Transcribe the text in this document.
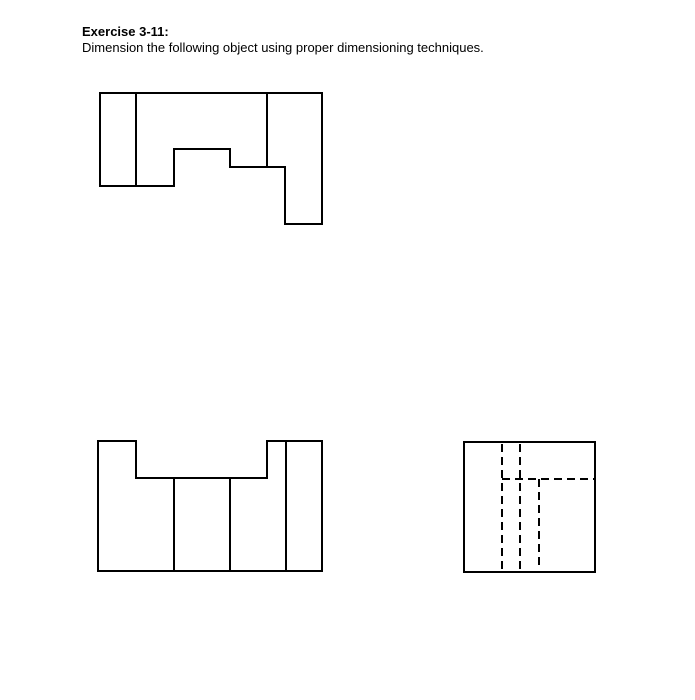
Exercise 3-11:
Dimension the following object using proper dimensioning techniques.
